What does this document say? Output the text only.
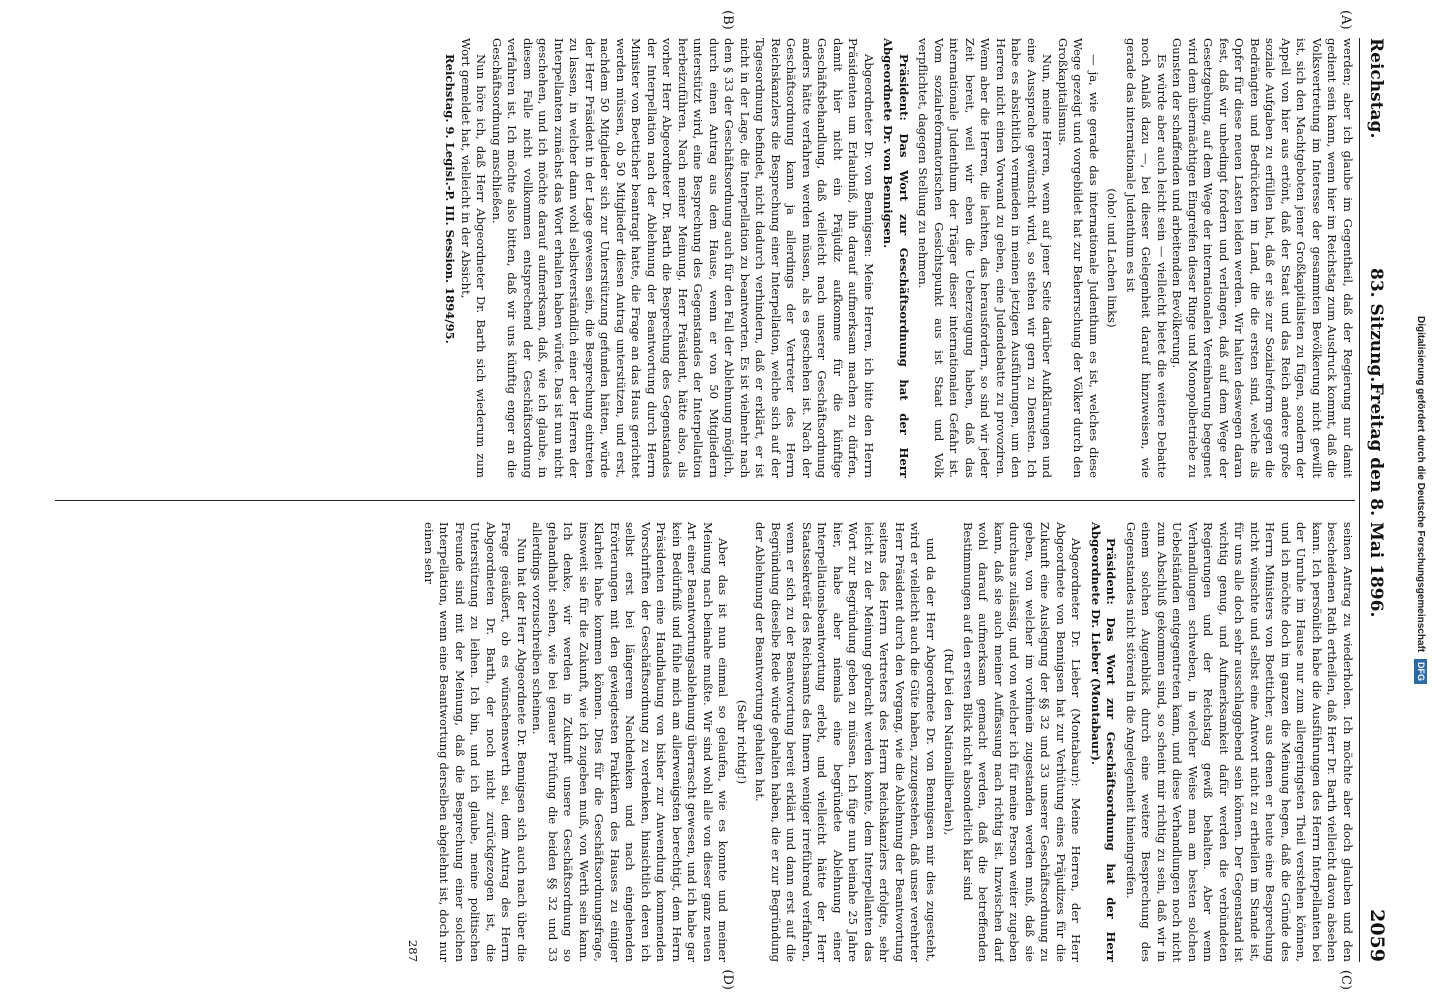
Reichstag.
83. Sitzung.
Freitag den 8. Mai 1896.
2059
(A)
(B)
(C)
(D)

werden; aber ich glaube im Gegentheil, daß der Regierung nur damit gedient sein kann, wenn hier im Reichstag zum Ausdruck kommt, daß die Volksvertretung im Interesse der gesammten Bevölkerung nicht gewillt ist, sich den Machtgeboten jener Großkapitalisten zu fügen, sondern der Appell von hier aus ertönt, daß der Staat und das Reich andere große soziale Aufgaben zu erfüllen hat, daß er sie zur Sozialreform gegen die Bedrängten und Bedrückten im Land, die die ersten sind, welche als Opfer für diese neuen Lasten leiden werden. Wir halten deswegen daran fest, daß wir unbedingt fordern und verlangen, daß auf dem Wege der Gesetzgebung, auf dem Wege der internationalen Vereinbarung begegnet wird dem übermächtigen Eingreifen dieser Ringe und Monopolbetriebe zu Gunsten der schaffenden und arbeitenden Bevölkerung.

Es würde aber auch leicht sein — vielleicht bietet die weitere Debatte noch Anlaß dazu —, bei dieser Gelegenheit darauf hinzuweisen, wie gerade das internationale Judenthum es ist

(oho! und Lachen links)

— ja, wie gerade das internationale Judenthum es ist, welches diese Wege gezeigt und vorgebildet hat zur Beherrschung der Völker durch den Großkapitalismus.

Nun, meine Herren, wenn auf jener Seite darüber Aufklärungen und eine Aussprache gewünscht wird, so stehen wir gern zu Diensten. Ich habe es absichtlich vermieden in meinen jetzigen Ausführungen, um den Herren nicht einen Vorwand zu geben, eine Judendebatte zu provoziren. Wenn aber die Herren, die lachten, das herausfordern, so sind wir jeder Zeit bereit, weil wir eben die Ueberzeugung haben, daß das internationale Judenthum der Träger dieser internationalen Gefahr ist. Vom sozialreformatorischen Gesichtspunkt aus ist Staat und Volk verpflichtet, dagegen Stellung zu nehmen.

Präsident: Das Wort zur Geschäftsordnung hat der Herr Abgeordnete Dr. von Bennigsen.

Abgeordneter Dr. von Bennigsen: Meine Herren, ich bitte den Herrn Präsidenten um Erlaubniß, ihn darauf aufmerksam machen zu dürfen, damit hier nicht ein Präjudiz aufkomme für die künftige Geschäftsbehandlung, daß vielleicht nach unserer Geschäftsordnung anders hätte verfahren werden müssen, als es geschehen ist. Nach der Geschäftsordnung kann ja allerdings der Vertreter des Herrn Reichskanzlers die Besprechung einer Interpellation, welche sich auf der Tagesordnung befindet, nicht dadurch verhindern, daß er erklärt, er ist nicht in der Lage, die Interpellation zu beantworten. Es ist vielmehr nach dem § 33 der Geschäftsordnung auch für den Fall der Ablehnung möglich, durch einen Antrag aus dem Hause, wenn er von 50 Mitgliedern unterstützt wird, eine Besprechung des Gegenstandes der Interpellation herbeizuführen. Nach meiner Meinung, Herr Präsident, hätte also, als vorher Herr Abgeordneter Dr. Barth die Besprechung des Gegenstandes der Interpellation nach der Ablehnung der Beantwortung durch Herrn Minister von Boetticher beantragt hatte, die Frage an das Haus gerichtet werden müssen, ob 50 Mitglieder diesen Antrag unterstützen, und erst, nachdem 50 Mitglieder sich zur Unterstützung gefunden hätten, würde der Herr Präsident in der Lage gewesen sein, die Besprechung eintreten zu lassen, in welcher dann wohl selbstverständlich einer der Herren der Interpellanten zunächst das Wort erhalten haben würde. Das ist nun nicht geschehen, und ich möchte darauf aufmerksam, daß, wie ich glaube, in diesem Falle nicht vollkommen entsprechend der Geschäftsordnung verfahren ist. Ich möchte also bitten, daß wir uns künftig enger an die Geschäftsordnung anschließen.

Nun höre ich, daß Herr Abgeordneter Dr. Barth sich wiederum zum Wort gemeldet hat, vielleicht in der Absicht,

Reichstag. 9. Legisl.-P. III. Session. 1894/95.

seinen Antrag zu wiederholen. Ich möchte aber doch glauben und den bescheidenen Rath ertheilen, daß Herr Dr. Barth vielleicht davon absehen kann. Ich persönlich habe die Ausführungen des Herrn Interpellanten bei der Unruhe im Hause nur zum allergeringsten Theil verstehen können, und ich möchte doch im ganzen die Meinung hegen, daß die Gründe des Herrn Ministers von Boetticher, aus denen er heute eine Besprechung nicht wünschte und selbst eine Antwort nicht zu ertheilen im Stande ist, für uns alle doch sehr ausschlaggebend sein können. Der Gegenstand ist wichtig genug, und Aufmerksamkeit dafür werden die verbündeten Regierungen und der Reichstag gewiß behalten. Aber wenn Verhandlungen schweben, in welcher Weise man am besten solchen Uebelständen entgegentreten kann, und diese Verhandlungen noch nicht zum Abschluß gekommen sind, so scheint mir richtig zu sein, daß wir in einem solchen Augenblick durch eine weitere Besprechung des Gegenstandes nicht störend in die Angelegenheit hineingreifen.

Präsident: Das Wort zur Geschäftsordnung hat der Herr Abgeordnete Dr. Lieber (Montabaur).

Abgeordneter Dr. Lieber (Montabaur): Meine Herren, der Herr Abgeordnete von Bennigsen hat zur Verhütung eines Präjudizes für die Zukunft eine Auslegung der §§ 32 und 33 unserer Geschäftsordnung zu geben, von welcher im vorhinein zugestanden werden muß, daß sie durchaus zulässig, und von welcher ich für meine Person weiter zugeben kann, daß sie auch meiner Auffassung nach richtig ist. Inzwischen darf wohl darauf aufmerksam gemacht werden, daß die betreffenden Bestimmungen auf den ersten Blick nicht absonderlich klar sind

(Ruf bei den Nationalliberalen),

und da der Herr Abgeordnete Dr. von Bennigsen mir dies zugesteht, wird er vielleicht auch die Güte haben, zuzugestehen, daß unser verehrter Herr Präsident durch den Vorgang, wie die Ablehnung der Beantwortung seitens des Herrn Vertreters des Herrn Reichskanzlers erfolgte, sehr leicht zu der Meinung gebracht werden konnte, dem Interpellanten das Wort zur Begründung geben zu müssen. Ich füge nun beinahe 25 Jahre hier, habe aber niemals eine begründete Ablehnung einer Interpellationsbeantwortung erlebt, und vielleicht hätte der Herr Staatssekretär des Reichsamts des Innern weniger irreführend verfahren, wenn er sich zu der Beantwortung bereit erklärt und dann erst auf die Begründung dieselbe Rede würde gehalten haben, die er zur Begründung der Ablehnung der Beantwortung gehalten hat.

(Sehr richtig!)

Aber das ist nun einmal so gelaufen, wie es konnte und meiner Meinung nach beinahe mußte. Wir sind wohl alle von dieser ganz neuen Art einer Beantwortungsablehnung überrascht gewesen, und ich habe gar kein Bedürfniß und fühle mich am allerwenigsten berechtigt, dem Herrn Präsidenten eine Handhabung von bisher zur Anwendung kommenden Vorschriften der Geschäftsordnung zu verdenken, hinsichtlich deren ich selbst erst bei längerem Nachdenken und nach eingehenden Erörterungen mit den gewiegtesten Praktikern des Hauses zu einiger Klarheit habe kommen können. Dies für die Geschäftsordnungsfrage, insoweit sie für die Zukunft, wie ich zugeben muß, von Werth sein kann. Ich denke, wir werden in Zukunft unsere Geschäftsordnung so gehandhabt sehen, wie bei genauer Prüfung die beiden §§ 32 und 33 allerdings vorzuschreiben scheinen.

Nun hat der Herr Abgeordnete Dr. Bennigsen sich auch nach über die Frage geäußert, ob es wünschenswerth sei, dem Antrag des Herrn Abgeordneten Dr. Barth, der noch nicht zurückgezogen ist, die Unterstützung zu leihen. Ich bin, und ich glaube, meine politischen Freunde sind mit der Meinung, daß die Besprechung einer solchen Interpellation, wenn eine Beantwortung derselben abgelehnt ist, doch nur einen sehr

287

Digitalisierung gefördert durch die Deutsche Forschungsgemeinschaft DFG
